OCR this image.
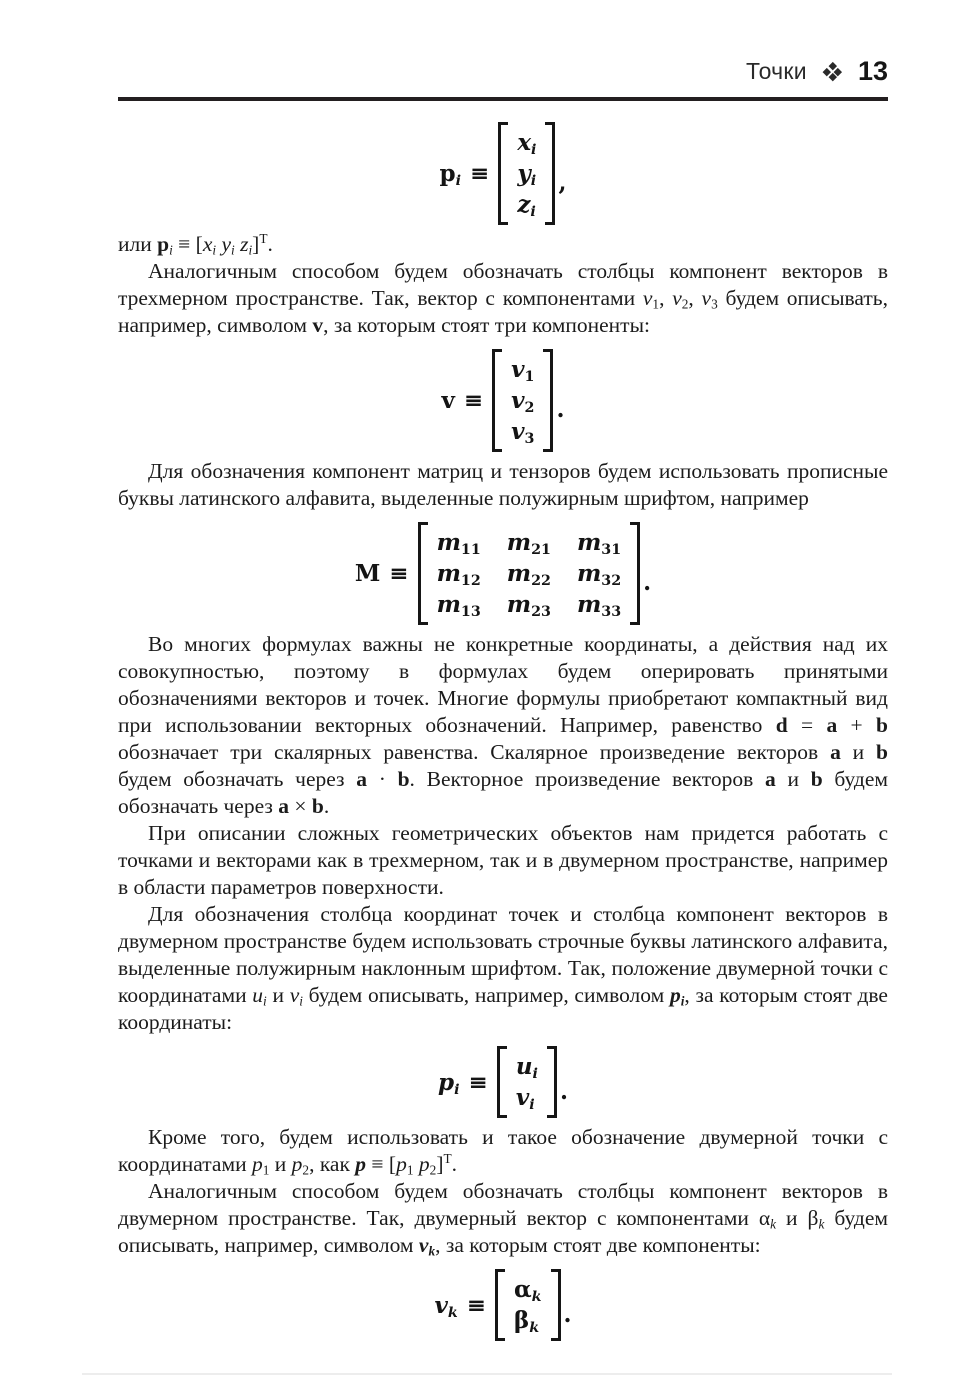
Точки 13
$p_i$ ≡
$x_i$
$y_i$
$z_i$
,

или $p_i \equiv [x_i$ $y_i$ $z_i]^T$.

Аналогичным способом будем обозначать столбцы компонент векторов в трехмерном пространстве. Так, вектор с компонентами $v_1$, $v_2$, $v_3$ будем описывать, например, символом v, за которым стоят три компоненты:

v ≡
$v_1$
$v_2$
$v_3$
.

Для обозначения компонент матриц и тензоров будем использовать прописные буквы латинского алфавита, выделенные полужирным шрифтом, например

M ≡
$m_{11}$ $m_{21}$ $m_{31}$
$m_{12}$ $m_{22}$ $m_{32}$
$m_{13}$ $m_{23}$ $m_{33}$
.

Во многих формулах важны не конкретные координаты, а действия над их совокупностью, поэтому в формулах будем оперировать принятыми обозначениями векторов и точек. Многие формулы приобретают компактный вид при использовании векторных обозначений. Например, равенство d = a + b обозначает три скалярных равенства. Скалярное произведение векторов a и b будем обозначать через a · b. Векторное произведение векторов a и b будем обозначать через a × b.

При описании сложных геометрических объектов нам придется работать с точками и векторами как в трехмерном, так и в двумерном пространстве, например в области параметров поверхности.

Для обозначения столбца координат точек и столбца компонент векторов в двумерном пространстве будем использовать строчные буквы латинского алфавита, выделенные полужирным наклонным шрифтом. Так, положение двумерной точки с координатами $u_i$ и $v_i$ будем описывать, например, символом $p_i$, за которым стоят две координаты:

$p_i$ ≡
$u_i$
$v_i$
.

Кроме того, будем использовать и такое обозначение двумерной точки с координатами $p_1$ и $p_2$, как $p \equiv [p_1$ $p_2]^T$.

Аналогичным способом будем обозначать столбцы компонент векторов в двумерном пространстве. Так, двумерный вектор с компонентами $\alpha_k$ и $\beta_k$ будем описывать, например, символом $v_k$, за которым стоят две компоненты:

$v_k$ ≡
$\alpha_k$
$\beta_k$
.
